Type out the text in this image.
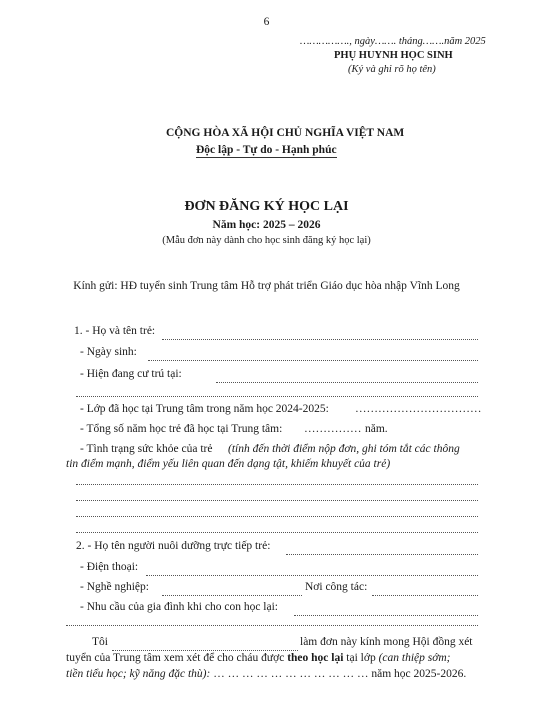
6
……………., ngày……. tháng…….năm 2025
PHỤ HUYNH HỌC SINH
(Ký và ghi rõ họ tên)
CỘNG HÒA XÃ HỘI CHỦ NGHĨA VIỆT NAM
Độc lập - Tự do - Hạnh phúc
ĐƠN ĐĂNG KÝ HỌC LẠI
Năm học: 2025 – 2026
(Mẫu đơn này dành cho học sinh đăng ký học lại)
Kính gửi: HĐ tuyển sinh Trung tâm Hỗ trợ phát triển Giáo dục hòa nhập Vĩnh Long
1. - Họ và tên trẻ:
- Ngày sinh:
- Hiện đang cư trú tại:
- Lớp đã học tại Trung tâm trong năm học 2024-2025: ……………………………
- Tổng số năm học trẻ đã học tại Trung tâm: …………… năm.
- Tình trạng sức khỏe của trẻ (tính đến thời điểm nộp đơn, ghi tóm tắt các thông
tin điểm mạnh, điểm yếu liên quan đến dạng tật, khiếm khuyết của trẻ)
2. - Họ tên người nuôi dưỡng trực tiếp trẻ:
- Điện thoại:
- Nghề nghiệp:	Nơi công tác:
- Nhu cầu của gia đình khi cho con học lại:
Tôi	làm đơn này kính mong Hội đồng xét
tuyển của Trung tâm xem xét để cho cháu được theo học lại tại lớp (can thiệp sớm;
tiền tiểu học; kỹ năng đặc thù): … … … … … … … … … … … năm học 2025-2026.
